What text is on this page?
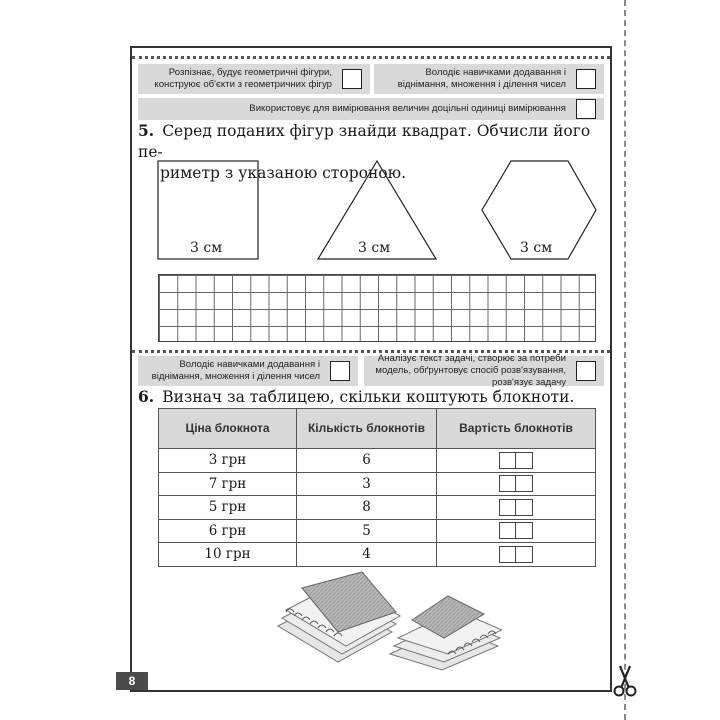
Розпізнає, будує геометричні фігури, конструює об'єкти з геометричних фігур
Володіє навичками додавання і віднімання, множення і ділення чисел
Використовує для вимірювання величин доцільні одиниці вимірювання
5. Серед поданих фігур знайди квадрат. Обчисли його пе-
риметр з указаною стороною.
3 см	3 см	3 см
Володіє навичками додавання і віднімання, множення і ділення чисел
Аналізує текст задачі, створює за потреби модель, обґрунтовує спосіб розв'язування, розв'язує задачу
6. Визнач за таблицею, скільки коштують блокноти.
Ціна блокнота	Кількість блокнотів	Вартість блокнотів
3 грн	6	

7 грн	3	

5 грн	8	

6 грн	5	

10 грн	4	
8
